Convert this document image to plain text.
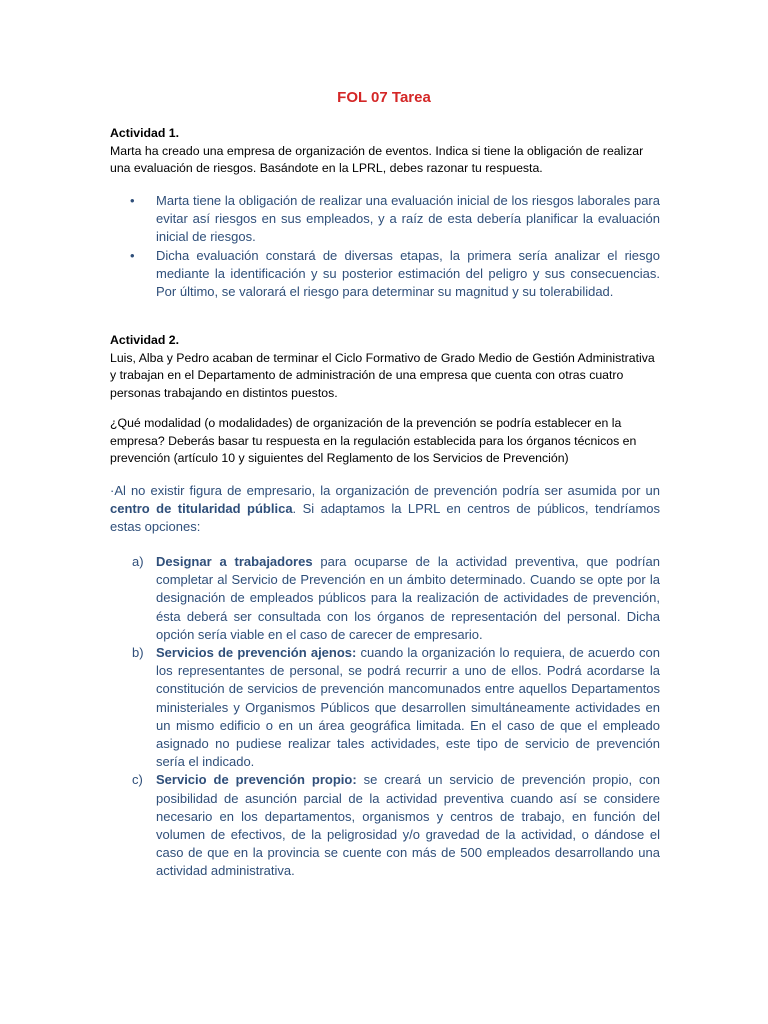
FOL 07 Tarea

Actividad 1.

Marta ha creado una empresa de organización de eventos. Indica si tiene la obligación de realizar una evaluación de riesgos. Basándote en la LPRL, debes razonar tu respuesta.

• Marta tiene la obligación de realizar una evaluación inicial de los riesgos laborales para evitar así riesgos en sus empleados, y a raíz de esta debería planificar la evaluación inicial de riesgos.
• Dicha evaluación constará de diversas etapas, la primera sería analizar el riesgo mediante la identificación y su posterior estimación del peligro y sus consecuencias. Por último, se valorará el riesgo para determinar su magnitud y su tolerabilidad.

Actividad 2.

Luis, Alba y Pedro acaban de terminar el Ciclo Formativo de Grado Medio de Gestión Administrativa y trabajan en el Departamento de administración de una empresa que cuenta con otras cuatro personas trabajando en distintos puestos.

¿Qué modalidad (o modalidades) de organización de la prevención se podría establecer en la empresa? Deberás basar tu respuesta en la regulación establecida para los órganos técnicos en prevención (artículo 10 y siguientes del Reglamento de los Servicios de Prevención)

·Al no existir figura de empresario, la organización de prevención podría ser asumida por un centro de titularidad pública. Si adaptamos la LPRL en centros de públicos, tendríamos estas opciones:

a) Designar a trabajadores para ocuparse de la actividad preventiva, que podrían completar al Servicio de Prevención en un ámbito determinado. Cuando se opte por la designación de empleados públicos para la realización de actividades de prevención, ésta deberá ser consultada con los órganos de representación del personal. Dicha opción sería viable en el caso de carecer de empresario.
b) Servicios de prevención ajenos: cuando la organización lo requiera, de acuerdo con los representantes de personal, se podrá recurrir a uno de ellos. Podrá acordarse la constitución de servicios de prevención mancomunados entre aquellos Departamentos ministeriales y Organismos Públicos que desarrollen simultáneamente actividades en un mismo edificio o en un área geográfica limitada. En el caso de que el empleado asignado no pudiese realizar tales actividades, este tipo de servicio de prevención sería el indicado.
c) Servicio de prevención propio: se creará un servicio de prevención propio, con posibilidad de asunción parcial de la actividad preventiva cuando así se considere necesario en los departamentos, organismos y centros de trabajo, en función del volumen de efectivos, de la peligrosidad y/o gravedad de la actividad, o dándose el caso de que en la provincia se cuente con más de 500 empleados desarrollando una actividad administrativa.
